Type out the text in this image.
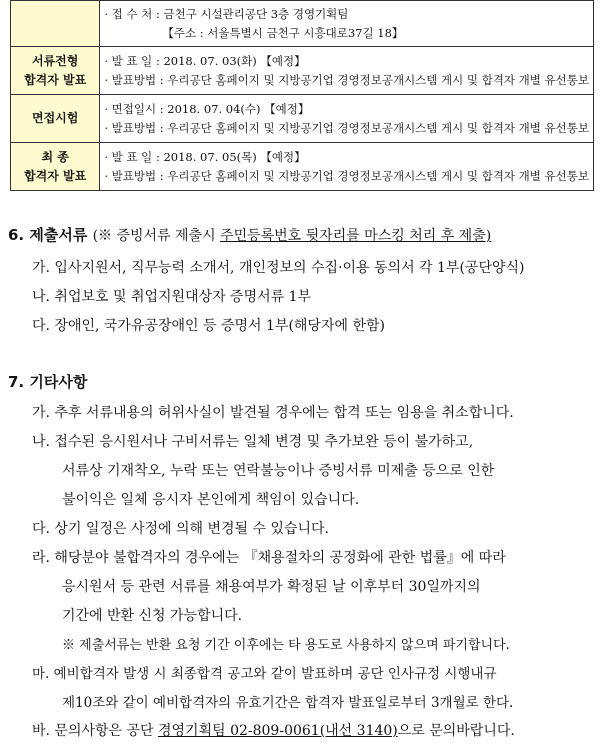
	· 접 수 처 : 금천구 시설관리공단 3층 경영기획팀
【주소 : 서울특별시 금천구 시흥대로37길 18】

서류전형
합격자 발표	· 발 표 일 : 2018. 07. 03(화) 【예정】
· 발표방법 : 우리공단 홈페이지 및 지방공기업 경영정보공개시스템 게시 및 합격자 개별 유선통보

면접시험	· 면접일시 : 2018. 07. 04(수) 【예정】
· 발표방법 : 우리공단 홈페이지 및 지방공기업 경영정보공개시스템 게시 및 합격자 개별 유선통보

최 종
합격자 발표	· 발 표 일 : 2018. 07. 05(목) 【예정】
· 발표방법 : 우리공단 홈페이지 및 지방공기업 경영정보공개시스템 게시 및 합격자 개별 유선통보
6. 제출서류 (※ 증빙서류 제출시 주민등록번호 뒷자리를 마스킹 처리 후 제출)
가. 입사지원서, 직무능력 소개서, 개인정보의 수집·이용 동의서 각 1부(공단양식)
나. 취업보호 및 취업지원대상자 증명서류 1부
다. 장애인, 국가유공장애인 등 증명서 1부(해당자에 한함)
7. 기타사항
가. 추후 서류내용의 허위사실이 발견될 경우에는 합격 또는 임용을 취소합니다.
나. 접수된 응시원서나 구비서류는 일체 변경 및 추가보완 등이 불가하고,
서류상 기재착오, 누락 또는 연락불능이나 증빙서류 미제출 등으로 인한
불이익은 일체 응시자 본인에게 책임이 있습니다.
다. 상기 일정은 사정에 의해 변경될 수 있습니다.
라. 해당분야 불합격자의 경우에는 『채용절차의 공정화에 관한 법률』에 따라
응시원서 등 관련 서류를 채용여부가 확정된 날 이후부터 30일까지의
기간에 반환 신청 가능합니다.
※ 제출서류는 반환 요청 기간 이후에는 타 용도로 사용하지 않으며 파기합니다.
마. 예비합격자 발생 시 최종합격 공고와 같이 발표하며 공단 인사규정 시행내규
제10조와 같이 예비합격자의 유효기간은 합격자 발표일로부터 3개월로 한다.
바. 문의사항은 공단 경영기획팀 02-809-0061(내선 3140)으로 문의바랍니다.
